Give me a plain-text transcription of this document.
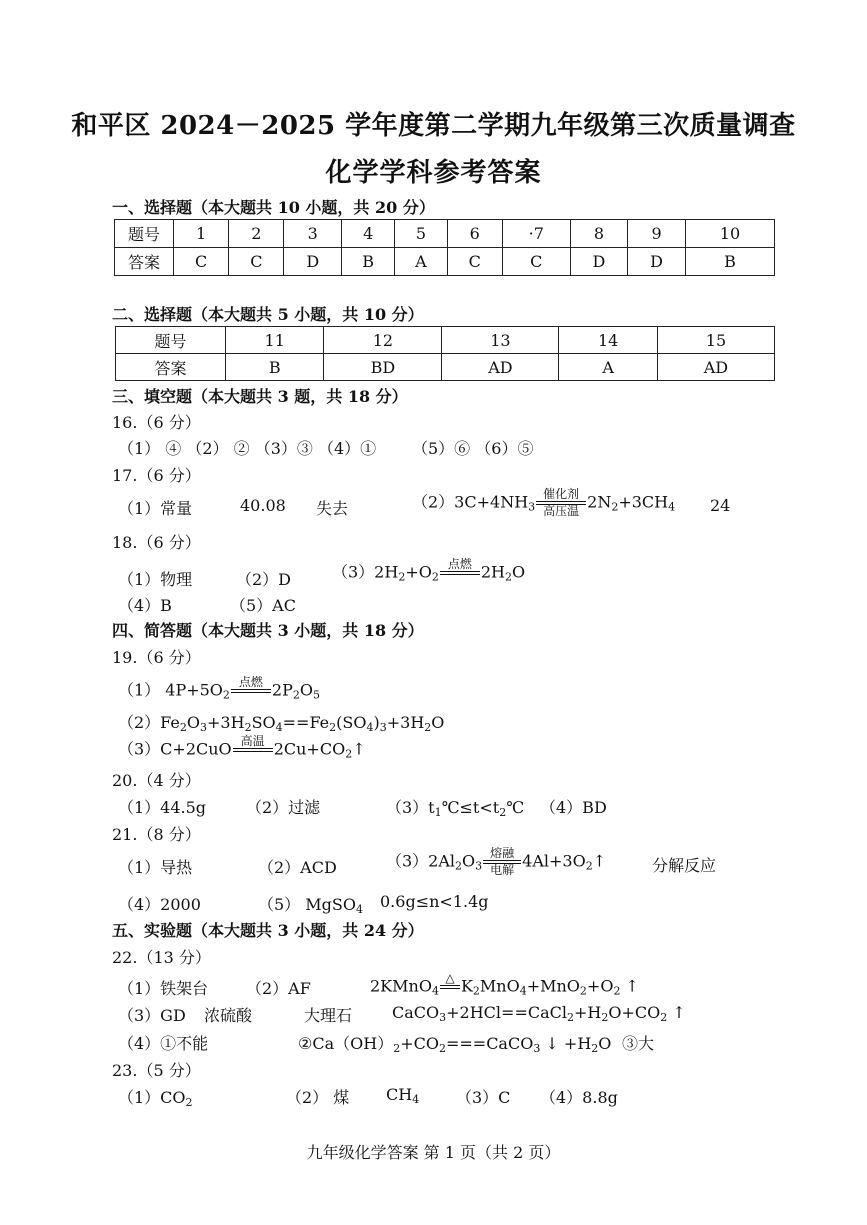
和平区 2024－2025 学年度第二学期九年级第三次质量调查
化学学科参考答案
一、选择题（本大题共 10 小题，共 20 分）
题号	1	2	3	4	5	6	·7	8	9	10
答案	C	C	D	B	A	C	C	D	D	B
二、选择题（本大题共 5 小题，共 10 分）
题号	11	12	13	14	15
答案	B	BD	AD	A	AD
三、填空题（本大题共 3 题，共 18 分）
16.（6 分）
（1） ④ （2） ② （3）③ （4）① （5）⑥ （6）⑤
17.（6 分）
（1）常量	40.08 失去	$(2)3C+4NH_3$
催化剂
高压温 $2N_2+3CH_4$ 24
18.（6 分）
（1）物理	（2）D	$(3)2H_2+O_2$
点燃
$2H_2O$
（4）B	（5）AC
四、简答题（本大题共 3 小题，共 18 分）
19.（6 分）
（1） $4P+5O_2$
点燃
$2P_2O_5$
$(2)Fe_2O_3+3H_2SO_4==Fe_2(SO_4)_3+3H_2O$
（3）C+2CuO 高温
$2Cu+CO_2↑$
20.（4 分）
（1）44.5g （2）过滤	$(3)t_1℃\le t<t_2℃$ （4）BD
21.（8 分）
（1）导热	（2）ACD	$(3)2Al_2O_3$
熔融
电解 $4Al+3O_2↑$	分解反应
（4）2000	（5） MgSO$_4$ 0.6g≤n<1.4g
五、实验题（本大题共 3 小题，共 24 分）
22.（13 分）
（1）铁架台 （2）AF	2KMnO$_4$
△
$K_2MnO_4+MnO_2+O_2$ ↑
（3）GD 浓硫酸	大理石 $CaCO_3+2HCl==CaCl_2+H_2O+CO_2$ ↑
（4）①不能	$②Ca(OH)_2+CO_2===CaCO_3$ ↓ $+H_2O$ ③大
23.（5 分）
$(1)CO_2$	（2） 煤 $CH_4$ （3）C （4）8.8g
九年级化学答案 第 1 页（共 2 页）
